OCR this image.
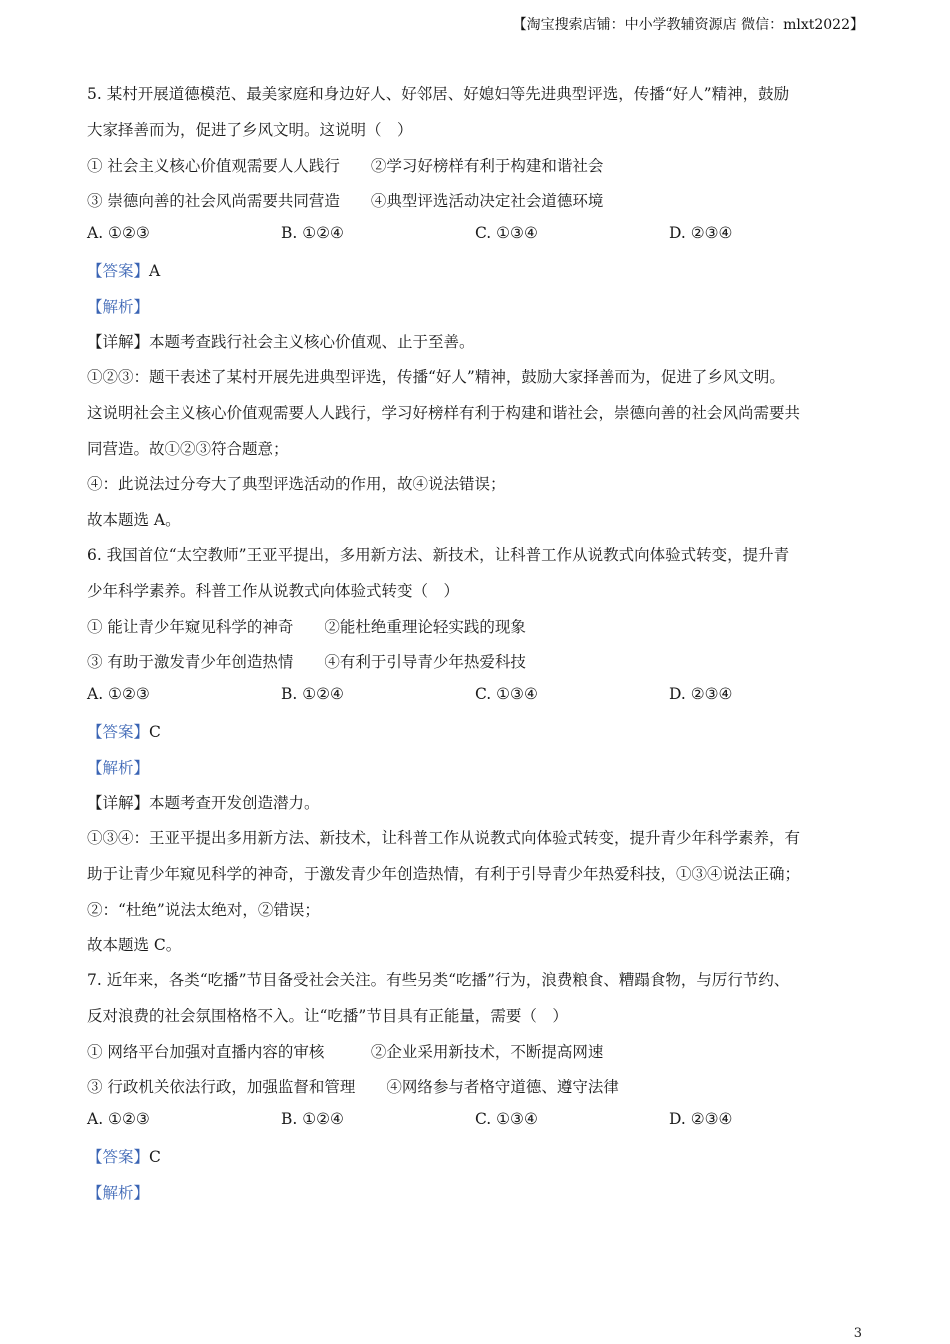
【淘宝搜索店铺：中小学教辅资源店 微信：mlxt2022】
5. 某村开展道德模范、最美家庭和身边好人、好邻居、好媳妇等先进典型评选，传播“好人”精神，鼓励
大家择善而为，促进了乡风文明。这说明（　）
① 社会主义核心价值观需要人人践行　　②学习好榜样有利于构建和谐社会
③ 崇德向善的社会风尚需要共同营造　　④典型评选活动决定社会道德环境
A. ①②③	B. ①②④	C. ①③④	D. ②③④
【答案】A
【解析】
【详解】本题考查践行社会主义核心价值观、止于至善。
①②③：题干表述了某村开展先进典型评选，传播“好人”精神，鼓励大家择善而为，促进了乡风文明。
这说明社会主义核心价值观需要人人践行，学习好榜样有利于构建和谐社会，崇德向善的社会风尚需要共
同营造。故①②③符合题意；
④：此说法过分夸大了典型评选活动的作用，故④说法错误；
故本题选 A。
6. 我国首位“太空教师”王亚平提出，多用新方法、新技术，让科普工作从说教式向体验式转变，提升青
少年科学素养。科普工作从说教式向体验式转变（　）
① 能让青少年窥见科学的神奇　　②能杜绝重理论轻实践的现象
③ 有助于激发青少年创造热情　　④有利于引导青少年热爱科技
A. ①②③	B. ①②④	C. ①③④	D. ②③④
【答案】C
【解析】
【详解】本题考查开发创造潜力。
①③④：王亚平提出多用新方法、新技术，让科普工作从说教式向体验式转变，提升青少年科学素养，有
助于让青少年窥见科学的神奇，于激发青少年创造热情，有利于引导青少年热爱科技，①③④说法正确；
②：“杜绝”说法太绝对，②错误；
故本题选 C。
7. 近年来，各类“吃播”节目备受社会关注。有些另类“吃播”行为，浪费粮食、糟蹋食物，与厉行节约、
反对浪费的社会氛围格格不入。让“吃播”节目具有正能量，需要（　）
① 网络平台加强对直播内容的审核　　　②企业采用新技术，不断提高网速
③ 行政机关依法行政，加强监督和管理　　④网络参与者格守道德、遵守法律
A. ①②③	B. ①②④	C. ①③④	D. ②③④
【答案】C
【解析】
3
